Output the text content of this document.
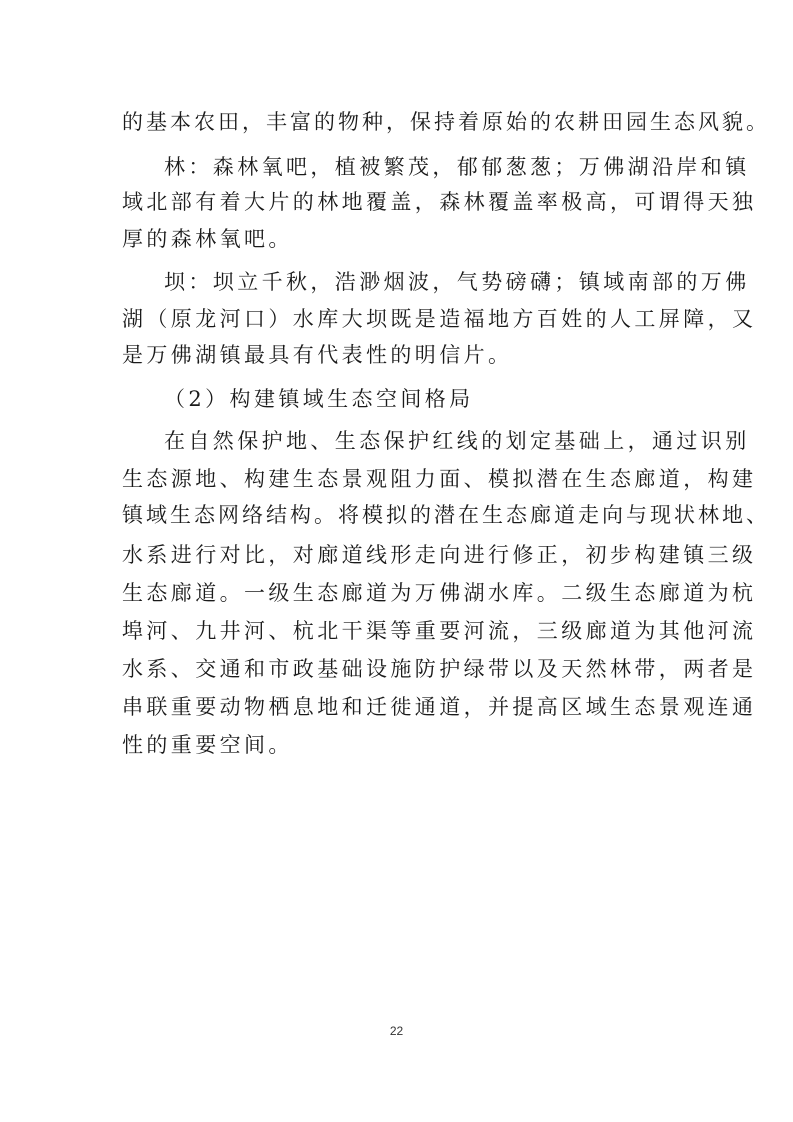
的基本农田，丰富的物种，保持着原始的农耕田园生态风貌。
林：森林氧吧，植被繁茂，郁郁葱葱；万佛湖沿岸和镇
域北部有着大片的林地覆盖，森林覆盖率极高，可谓得天独
厚的森林氧吧。
坝：坝立千秋，浩渺烟波，气势磅礴；镇域南部的万佛
湖（原龙河口）水库大坝既是造福地方百姓的人工屏障，又
是万佛湖镇最具有代表性的明信片。
（2）构建镇域生态空间格局
在自然保护地、生态保护红线的划定基础上，通过识别
生态源地、构建生态景观阻力面、模拟潜在生态廊道，构建
镇域生态网络结构。将模拟的潜在生态廊道走向与现状林地、
水系进行对比，对廊道线形走向进行修正，初步构建镇三级
生态廊道。一级生态廊道为万佛湖水库。二级生态廊道为杭
埠河、九井河、杭北干渠等重要河流，三级廊道为其他河流
水系、交通和市政基础设施防护绿带以及天然林带，两者是
串联重要动物栖息地和迁徙通道，并提高区域生态景观连通
性的重要空间。
22
